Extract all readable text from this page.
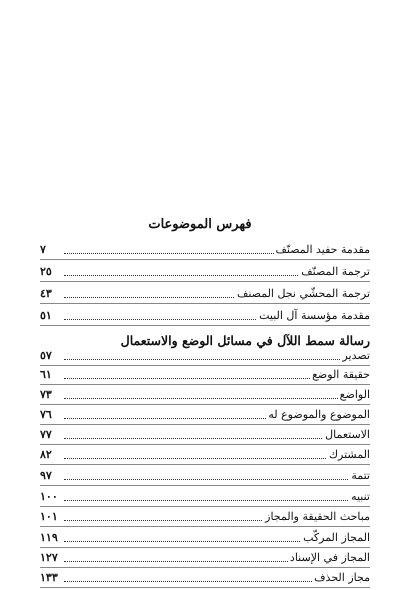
فهرس الموضوعات
مقدمة حفيد المصنّف
٧
ترجمة المصنّف
٢٥
ترجمة المحشّي نجل المصنف
٤٣
مقدمة مؤسسة آل البيت
٥١
رسالة سمط اللآل في مسائل الوضع والاستعمال
تصدير
٥٧
حقيقة الوضع
٦١
الواضع
٧٣
الموضوع والموضوع له
٧٦
الاستعمال
٧٧
المشترك
٨٢
تتمة
٩٧
تنبيه
١٠٠
مباحث الحقيقة والمجاز
١٠١
المجاز المركّب
١١٩
المجاز في الإسناد
١٢٧
مجاز الحذف
١٣٣
